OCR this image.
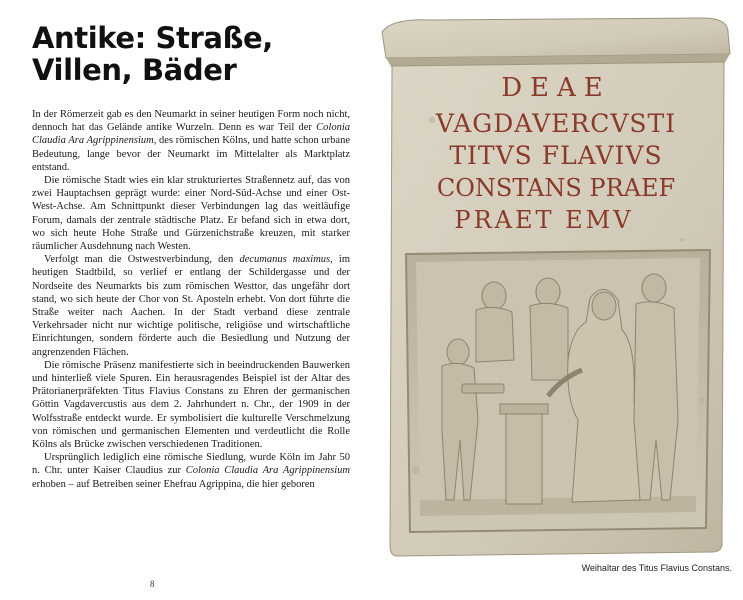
Antike: Straße,
Villen, Bäder

In der Römerzeit gab es den Neumarkt in seiner heutigen Form noch nicht, dennoch hat das Gelände antike Wurzeln. Denn es war Teil der Colonia Claudia Ara Agrippinensium, des römischen Kölns, und hatte schon urbane Bedeutung, lange bevor der Neumarkt im Mittelalter als Marktplatz entstand.

Die römische Stadt wies ein klar strukturiertes Straßennetz auf, das von zwei Hauptachsen geprägt wurde: einer Nord-Süd-Achse und einer Ost-West-Achse. Am Schnittpunkt dieser Verbindungen lag das weitläufige Forum, damals der zentrale städtische Platz. Er befand sich in etwa dort, wo sich heute Hohe Straße und Gürzenichstraße kreuzen, mit starker räumlicher Ausdehnung nach Westen.

Verfolgt man die Ostwestverbindung, den decumanus maximus, im heutigen Stadtbild, so verlief er entlang der Schildergasse und der Nordseite des Neumarkts bis zum römischen Westtor, das ungefähr dort stand, wo sich heute der Chor von St. Aposteln erhebt. Von dort führte die Straße weiter nach Aachen. In der Stadt verband diese zentrale Verkehrsader nicht nur wichtige politische, religiöse und wirtschaftliche Einrichtungen, sondern förderte auch die Besiedlung und Nutzung der angrenzenden Flächen.

Die römische Präsenz manifestierte sich in beeindruckenden Bauwerken und hinterließ viele Spuren. Ein herausragendes Beispiel ist der Altar des Prätorianerpräfekten Titus Flavius Constans zu Ehren der germanischen Göttin Vagdavercustis aus dem 2. Jahrhundert n. Chr., der 1909 in der Wolfsstraße entdeckt wurde. Er symbolisiert die kulturelle Verschmelzung von römischen und germanischen Elementen und verdeutlicht die Rolle Kölns als Brücke zwischen verschiedenen Traditionen.

Ursprünglich lediglich eine römische Siedlung, wurde Köln im Jahr 50 n. Chr. unter Kaiser Claudius zur Colonia Claudia Ara Agrippinensium erhoben – auf Betreiben seiner Ehefrau Agrippina, die hier geboren

8
DEAE
VAGDAVERCVSTI
TITVS FLAVIVS
CONSTANS PRAEF
PRAET EMV
Weihaltar des Titus Flavius Constans.
